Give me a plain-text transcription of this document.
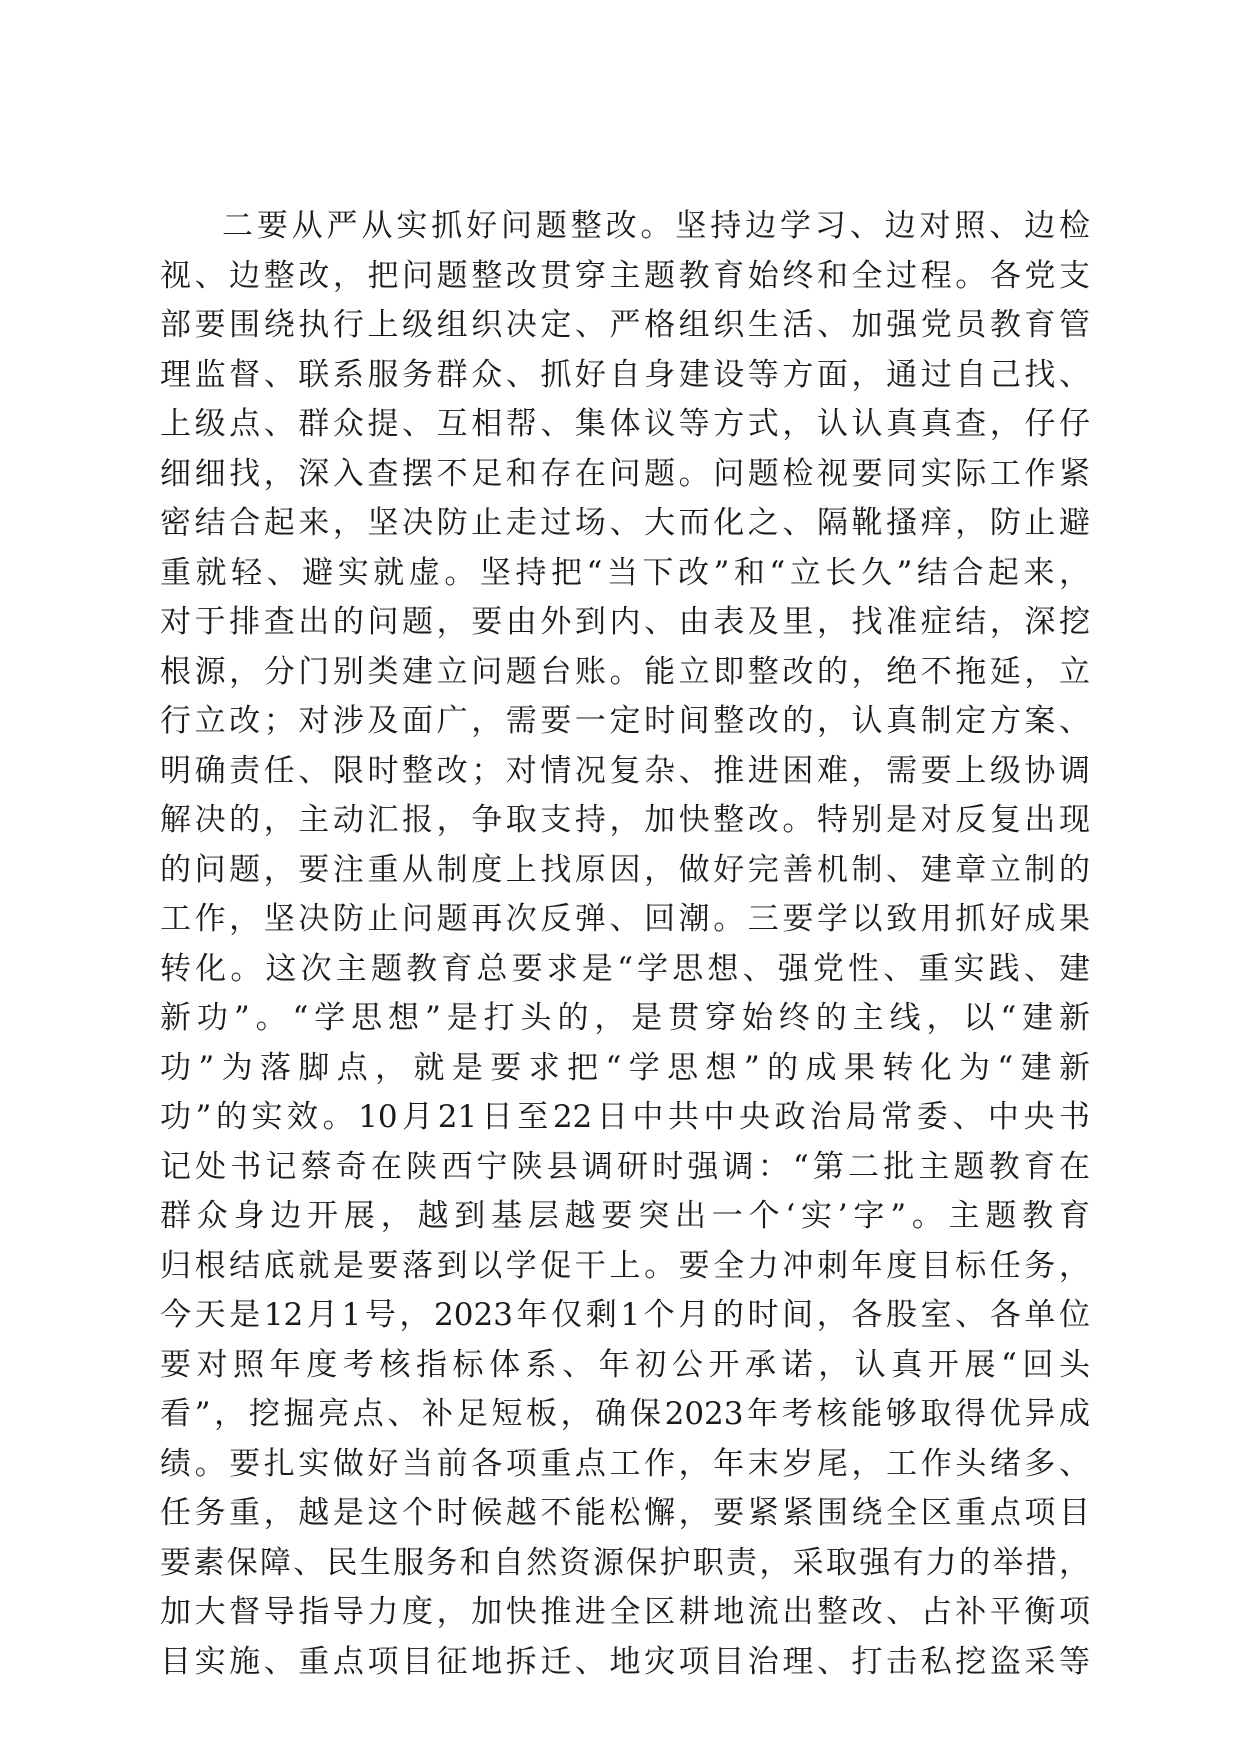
二要从严从实抓好问题整改。坚持边学习、边对照、边检
视、边整改，把问题整改贯穿主题教育始终和全过程。各党支
部要围绕执行上级组织决定、严格组织生活、加强党员教育管
理监督、联系服务群众、抓好自身建设等方面，通过自己找、
上级点、群众提、互相帮、集体议等方式，认认真真查，仔仔
细细找，深入查摆不足和存在问题。问题检视要同实际工作紧
密结合起来，坚决防止走过场、大而化之、隔靴搔痒，防止避
重就轻、避实就虚。坚持把“当下改”和“立长久”结合起来，
对于排查出的问题，要由外到内、由表及里，找准症结，深挖
根源，分门别类建立问题台账。能立即整改的，绝不拖延，立
行立改；对涉及面广，需要一定时间整改的，认真制定方案、
明确责任、限时整改；对情况复杂、推进困难，需要上级协调
解决的，主动汇报，争取支持，加快整改。特别是对反复出现
的问题，要注重从制度上找原因，做好完善机制、建章立制的
工作，坚决防止问题再次反弹、回潮。三要学以致用抓好成果
转化。这次主题教育总要求是“学思想、强党性、重实践、建
新功”。“学思想”是打头的，是贯穿始终的主线，以“建新
功”为落脚点，就是要求把“学思想”的成果转化为“建新
功”的实效。10月21日至22日中共中央政治局常委、中央书
记处书记蔡奇在陕西宁陕县调研时强调：“第二批主题教育在
群众身边开展，越到基层越要突出一个‘实’字”。主题教育
归根结底就是要落到以学促干上。要全力冲刺年度目标任务，
今天是12月1号，2023年仅剩1个月的时间，各股室、各单位
要对照年度考核指标体系、年初公开承诺，认真开展“回头
看”，挖掘亮点、补足短板，确保2023年考核能够取得优异成
绩。要扎实做好当前各项重点工作，年末岁尾，工作头绪多、
任务重，越是这个时候越不能松懈，要紧紧围绕全区重点项目
要素保障、民生服务和自然资源保护职责，采取强有力的举措，
加大督导指导力度，加快推进全区耕地流出整改、占补平衡项
目实施、重点项目征地拆迁、地灾项目治理、打击私挖盗采等
